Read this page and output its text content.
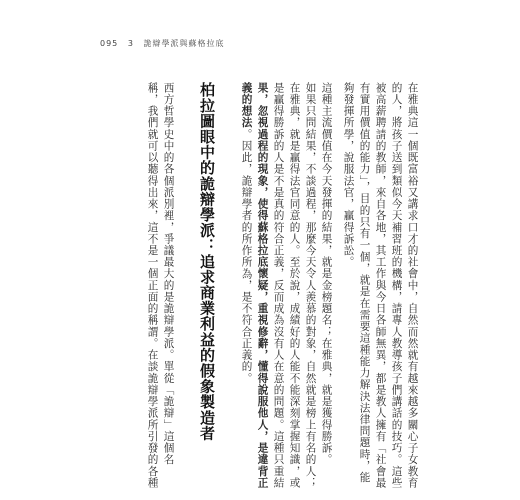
095 3 詭辯學派與蘇格拉底
在雅典這一個既富裕又講求口才的社會中，自然而然就有越來越多關心子女教育
的人，將孩子送到類似今天補習班的機構，請專人教導孩子們講話的技巧。這些
被高薪聘請的教師，來自各地，其工作與今日各師無異，都是教人擁有「社會最
有實用價值的能力」，目的只有一個，就是在需要這種能力解決法律問題時，能
夠發揮所學，說服法官，贏得訴訟。
這種主流價值在今天發揮的結果，就是金榜題名；在雅典，就是獲得勝訴。
如果只問結果，不談過程，那麼今天令人羨慕的對象，自然就是榜上有名的人；
在雅典，就是贏得法官同意的人。至於說，成績好的人能不能深刻掌握知識，或
是贏得勝訴的人是不是真的符合正義，反而成為沒有人在意的問題。這種只重結
果，忽視過程的現象，使得蘇格拉底懷疑，重視修辭，懂得說服他人，是違背正
義的想法。因此，詭辯學者的所作所為，是不符合正義的。
柏拉圖眼中的詭辯學派：追求商業利益的假象製造者
西方哲學史中的各個派別裡，爭議最大的是詭辯學派。單從「詭辯」這個名
稱，我們就可以聽得出來，這不是一個正面的稱謂。在談詭辯學派所引發的各種
